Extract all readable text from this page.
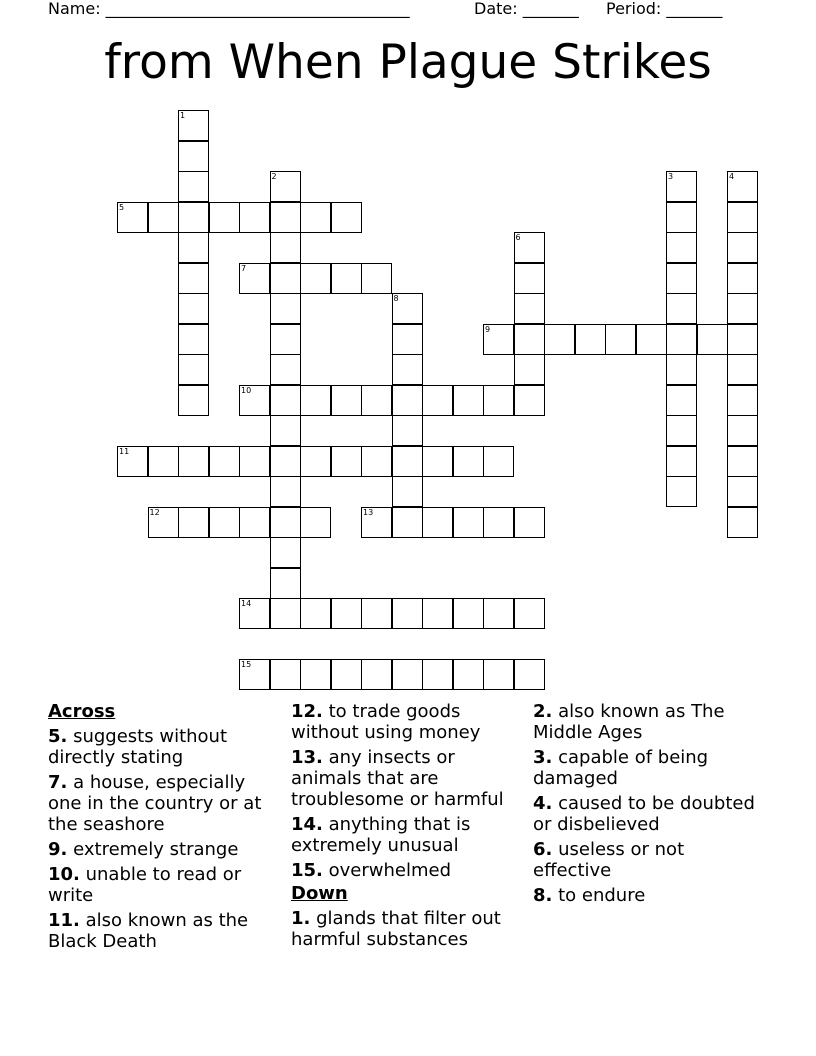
Name: ______________________________________	Date: _______ Period: _______
from When Plague Strikes
1
2	3	4
5
6
7
8
9
10
11
12	13
14
15
Across
5. suggests without directly stating
7. a house, especially one in the country or at the seashore
9. extremely strange
10. unable to read or write
11. also known as the Black Death
12. to trade goods without using money
13. any insects or animals that are troublesome or harmful
14. anything that is extremely unusual
15. overwhelmed
Down
1. glands that filter out harmful substances
2. also known as The Middle Ages
3. capable of being damaged
4. caused to be doubted or disbelieved
6. useless or not effective
8. to endure
